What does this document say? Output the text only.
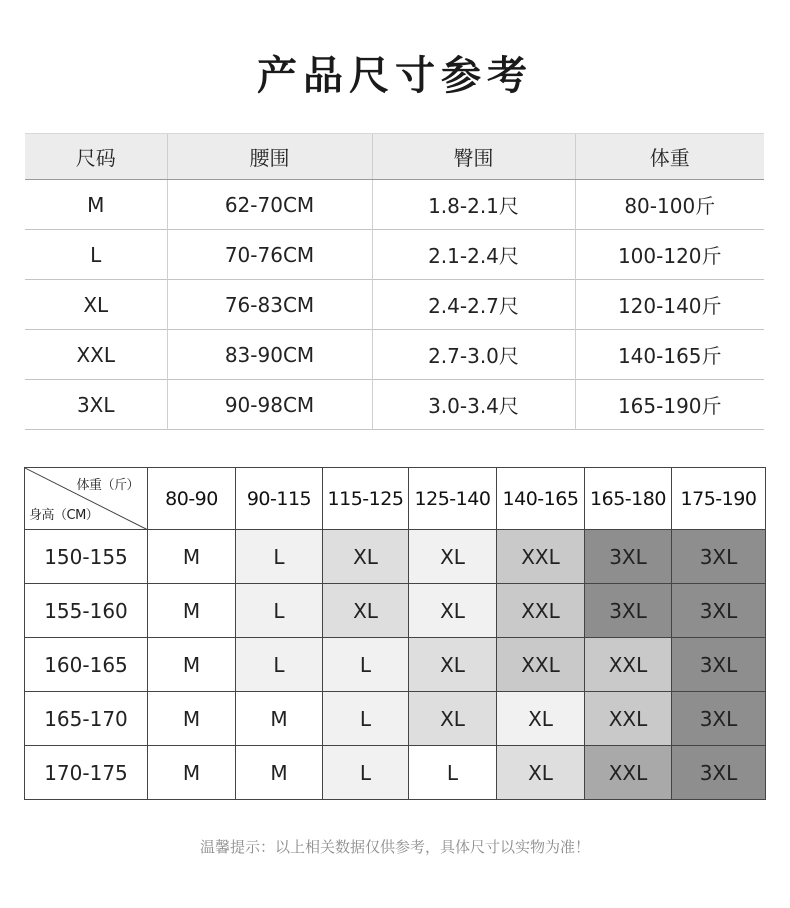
产品尺寸参考
尺码	腰围	臀围	体重
M	62-70CM	1.8-2.1尺	80-100斤
L	70-76CM	2.1-2.4尺	100-120斤
XL	76-83CM	2.4-2.7尺	120-140斤
XXL	83-90CM	2.7-3.0尺	140-165斤
3XL	90-98CM	3.0-3.4尺	165-190斤
体重（斤）
身高（CM）	80-90	90-115	115-125	125-140	140-165	165-180	175-190
150-155	M	L	XL	XL	XXL	3XL	3XL
155-160	M	L	XL	XL	XXL	3XL	3XL
160-165	M	L	L	XL	XXL	XXL	3XL
165-170	M	M	L	XL	XL	XXL	3XL
170-175	M	M	L	L	XL	XXL	3XL
温馨提示：以上相关数据仅供参考，具体尺寸以实物为准！
